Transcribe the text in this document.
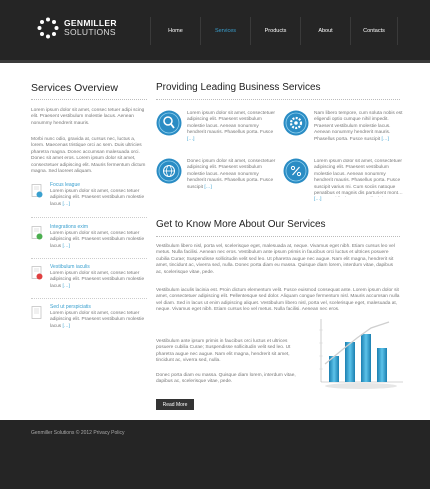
GENMILLER
SOLUTIONS	Home	Services	Products	About	Contacts
Services Overview
Lorem ipsum dolor sit amet, consec tetuer adipi scing elit. Praesent vestibulum molestie lacus. Aenean nonummy hendrerit mauris.
Morbi nunc odio, gravida at, cursus nec, luctus a, lorem. Maecenas tristique orci ac sem. Duis ultricies pharetra magna. Donec accumsan malesuada orci. Donec sit amet eros. Lorem ipsum dolor sit amet, consectetuer adipiscing elit. Mauris fermentum dictum magna. Sed laoreet aliquam.
Focus league
Lorem ipsum dolor sit amet, consec tetuer adipiscing elit. Praesent vestibulum molestie lacus […]
Integrations exim
Lorem ipsum dolor sit amet, consec tetuer adipiscing elit. Praesent vestibulum molestie lacus […]
Vestibulum iaculis
Lorem ipsum dolor sit amet, consec tetuer adipiscing elit. Praesent vestibulum molestie lacus […]
Sed ut perspiciatis
Lorem ipsum dolor sit amet, consec tetuer adipiscing elit. Praesent vestibulum molestie lacus […]
Providing Leading Business Services
Lorem ipsum dolor sit amet, consectetuer adipiscing elit. Praesent vestibulum molestie lacus. Aenean nonummy hendrerit mauris. Phasellus porta. Fusce […]
Nam libero tempore, cum soluta nobis est eligendi optio cumque nihil impedit. Praesent vestibulum molestie lacus. Aenean nonummy hendrerit mauris. Phasellus porta. Fusce suscipit […]
Donec ipsum dolor sit amet, consectetuer adipiscing elit. Praesent vestibulum molestie lacus. Aenean nonummy hendrerit mauris. Phasellus porta. Fusce suscipit […]
Lorem ipsum dolor sit amet, consectetuer adipiscing elit. Praesent vestibulum molestie lacus. Aenean nonummy hendrerit mauris. Phasellus porta. Fusce suscipit varius mi. Cum sociis natoque penatibus et magnis dis parturient montes
[…]
Get to Know More About Our Services
Vestibulum libero nisl, porta vel, scelerisque eget, malesuada at, neque. Vivamus eget nibh. Etiam cursus leo vel metus. Nulla facilisi. Aenean nec eros. Vestibulum ante ipsum primis in faucibus orci luctus et ultrices posuere cubilia Curae; Suspendisse sollicitudin velit sed leo. Ut pharetra augue nec augue. Nam elit magna, hendrerit sit amet, tincidunt ac, viverra sed, nulla. Donec porta diam eu massa. Quisque diam lorem, interdum vitae, dapibus ac, scelerisque vitae, pede.
Vestibulum iaculis lacinia est. Proin dictum elementum velit. Fusce euismod consequat ante. Lorem ipsum dolor sit amet, consectetuer adipiscing elit. Pellentesque sed dolor. Aliquam congue fermentum nisl. Mauris accumsan nulla vel diam. Sed in lacus ut enim adipiscing aliquet. Vestibulum libero nisl, porta vel, scelerisque eget, malesuada at, neque. Vivamus eget nibh. Etiam cursus leo vel metus. Nulla facilisi. Aenean nec eros.
Vestibulum ante ipsum primis in faucibus orci luctus et ultrices posuere cubilia Curae; Suspendisse sollicitudin velit sed leo. Ut pharetra augue nec augue. Nam elit magna, hendrerit sit amet, tincidunt ac, viverra sed, nulla.
Donec porta diam eu massa. Quisque diam lorem, interdum vitae, dapibus ac, scelerisque vitae, pede.
Read More
Genmiller Solutions © 2012 Privacy Policy
